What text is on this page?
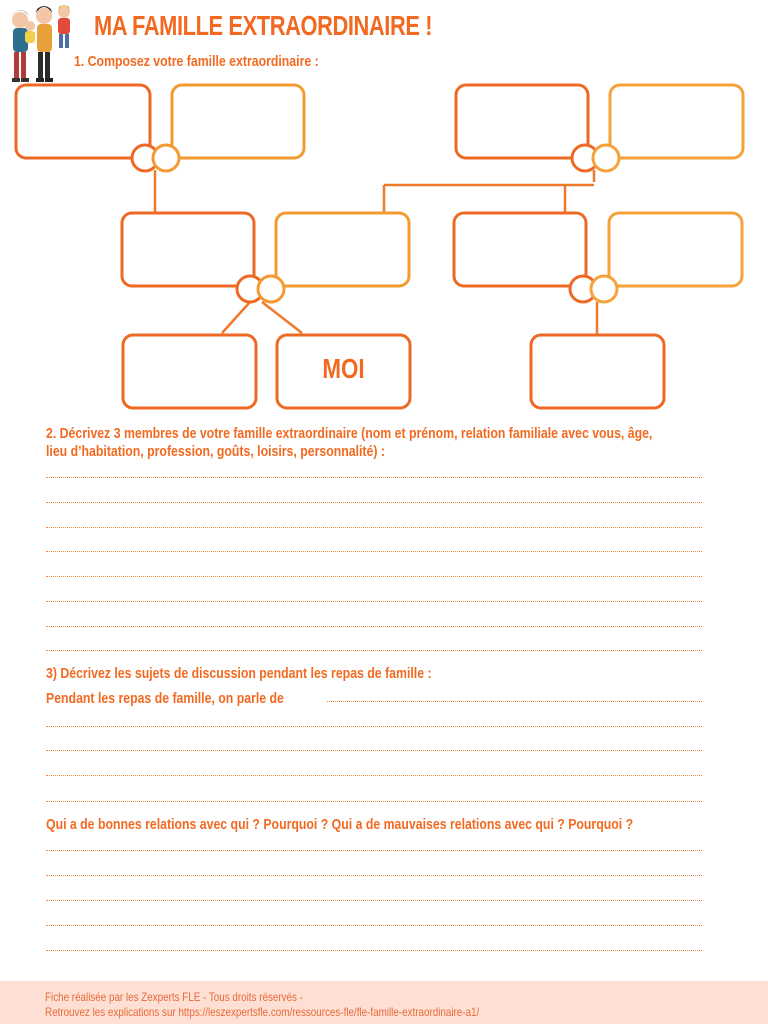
MA FAMILLE EXTRAORDINAIRE !

1. Composez votre famille extraordinaire :

MOI

2. Décrivez 3 membres de votre famille extraordinaire (nom et prénom, relation familiale avec vous, âge,

lieu d’habitation, profession, goûts, loisirs, personnalité) :

3) Décrivez les sujets de discussion pendant les repas de famille :

Pendant les repas de famille, on parle de

Qui a de bonnes relations avec qui ? Pourquoi ? Qui a de mauvaises relations avec qui ? Pourquoi ?

Fiche réalisée par les Zexperts FLE - Tous droits réservés -

Retrouvez les explications sur https://leszexpertsfle.com/ressources-fle/fle-famille-extraordinaire-a1/
